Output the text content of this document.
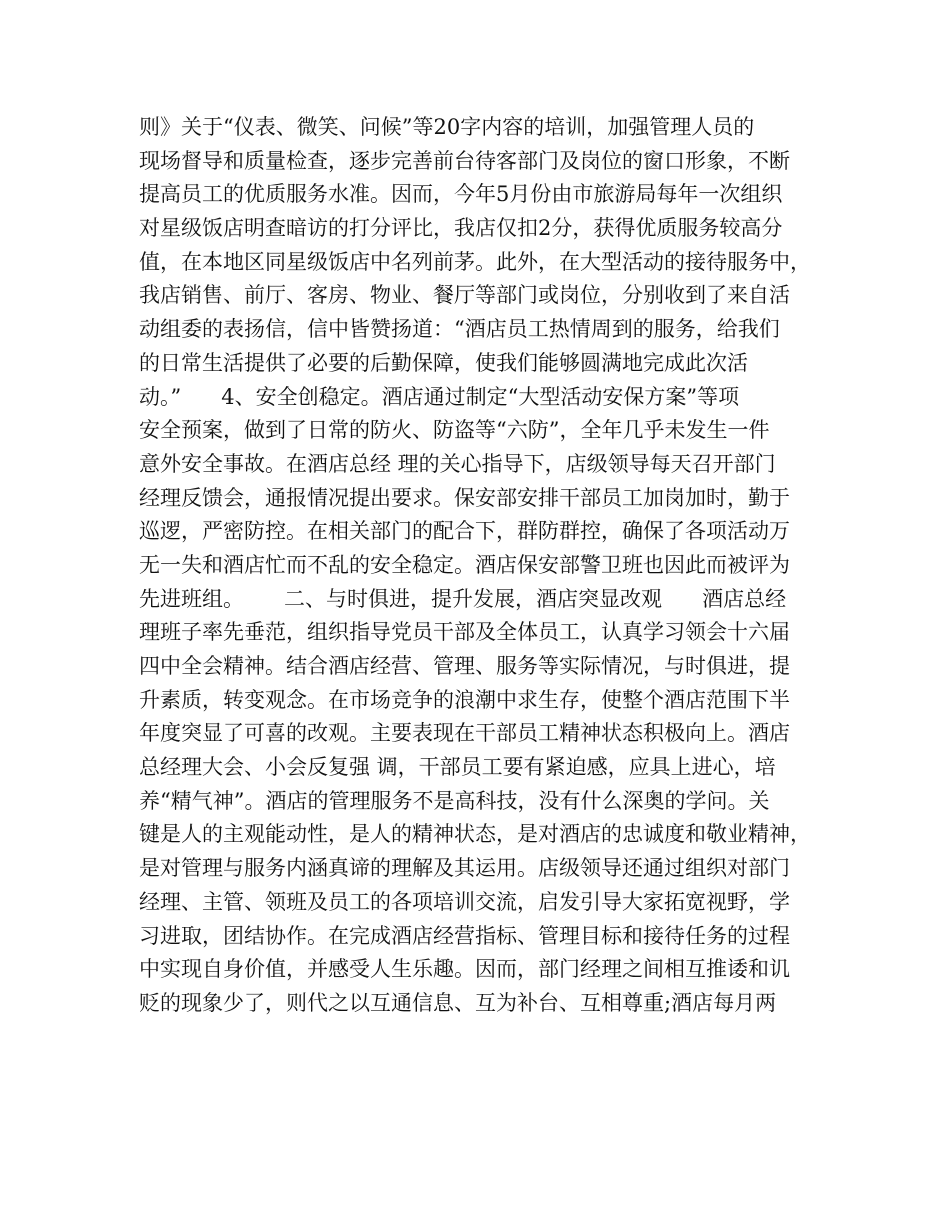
则》关于“仪表、微笑、问候”等20字内容的培训，加强管理人员的
现场督导和质量检查，逐步完善前台待客部门及岗位的窗口形象，不断
提高员工的优质服务水准。因而，今年5月份由市旅游局每年一次组织
对星级饭店明查暗访的打分评比，我店仅扣2分，获得优质服务较高分
值，在本地区同星级饭店中名列前茅。此外，在大型活动的接待服务中，
我店销售、前厅、客房、物业、餐厅等部门或岗位，分别收到了来自活
动组委的表扬信，信中皆赞扬道：“酒店员工热情周到的服务，给我们
的日常生活提供了必要的后勤保障，使我们能够圆满地完成此次活
动。”      4、安全创稳定。酒店通过制定“大型活动安保方案”等项
安全预案，做到了日常的防火、防盗等“六防”，全年几乎未发生一件
意外安全事故。在酒店总经 理的关心指导下，店级领导每天召开部门
经理反馈会，通报情况提出要求。保安部安排干部员工加岗加时，勤于
巡逻，严密防控。在相关部门的配合下，群防群控，确保了各项活动万
无一失和酒店忙而不乱的安全稳定。酒店保安部警卫班也因此而被评为
先进班组。      二、与时俱进，提升发展，酒店突显改观      酒店总经
理班子率先垂范，组织指导党员干部及全体员工，认真学习领会十六届
四中全会精神。结合酒店经营、管理、服务等实际情况，与时俱进，提
升素质，转变观念。在市场竞争的浪潮中求生存，使整个酒店范围下半
年度突显了可喜的改观。主要表现在干部员工精神状态积极向上。酒店
总经理大会、小会反复强 调，干部员工要有紧迫感，应具上进心，培
养“精气神”。酒店的管理服务不是高科技，没有什么深奥的学问。关
键是人的主观能动性，是人的精神状态，是对酒店的忠诚度和敬业精神，
是对管理与服务内涵真谛的理解及其运用。店级领导还通过组织对部门
经理、主管、领班及员工的各项培训交流，启发引导大家拓宽视野，学
习进取，团结协作。在完成酒店经营指标、管理目标和接待任务的过程
中实现自身价值，并感受人生乐趣。因而，部门经理之间相互推诿和讥
贬的现象少了，则代之以互通信息、互为补台、互相尊重;酒店每月两
